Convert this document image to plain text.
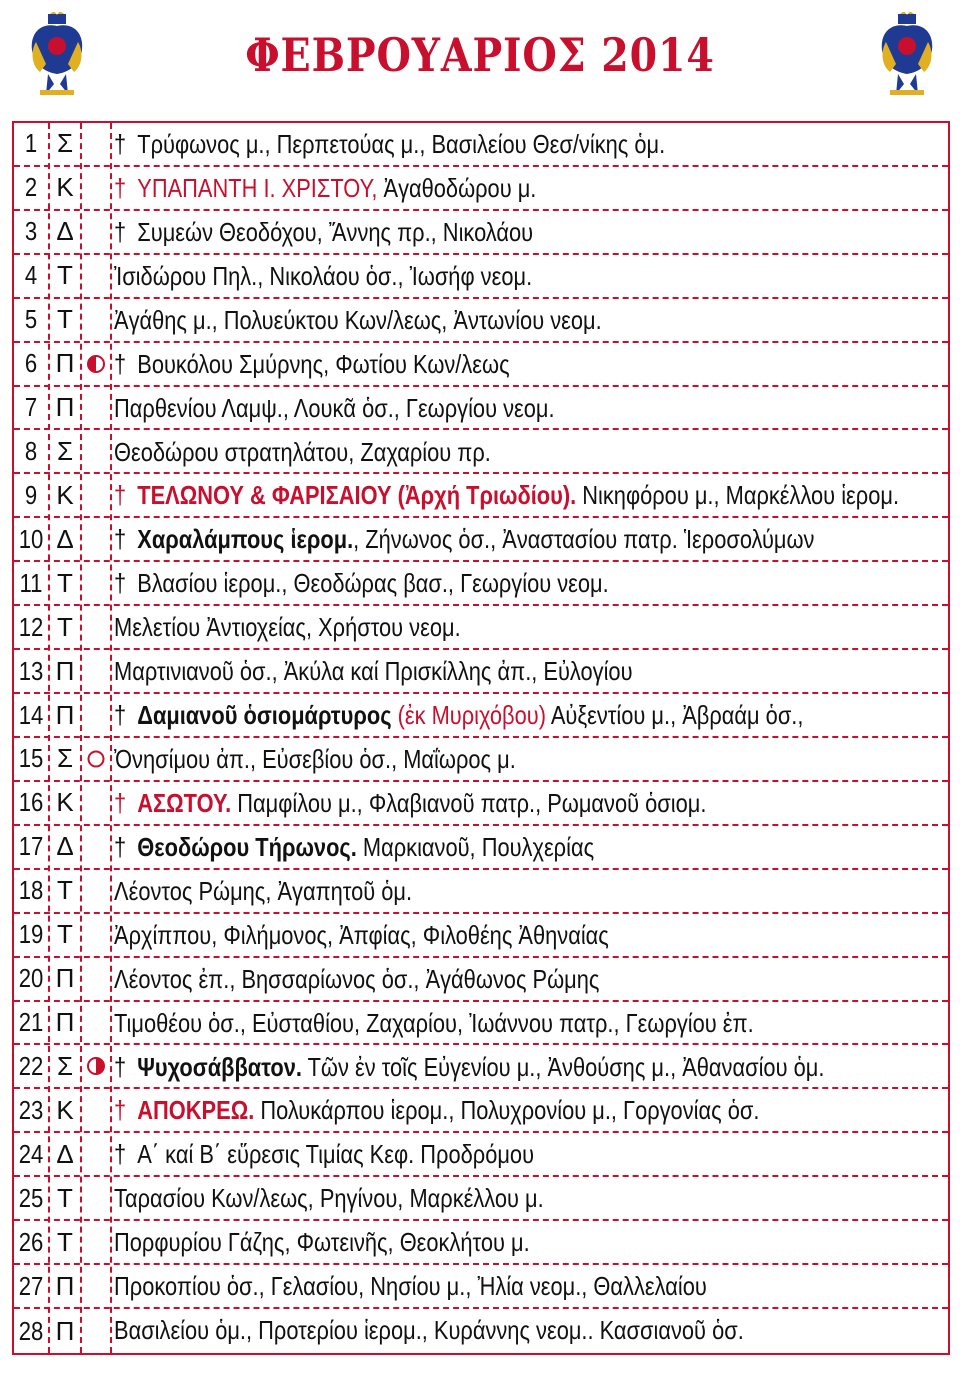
ΦΕΒΡΟΥΑΡΙΟΣ 2014
1 Σ † Τρύφωνος μ., Περπετούας μ., Βασιλείου Θεσ/νίκης ὁμ.
2 Κ † ΥΠΑΠΑΝΤΗ Ι. ΧΡΙΣΤΟΥ, Ἀγαθοδώρου μ.
3 Δ † Συμεών Θεοδόχου, Ἄννης πρ., Νικολάου
4 Τ Ἰσιδώρου Πηλ., Νικολάου ὁσ., Ἰωσήφ νεομ.
5 Τ Ἀγάθης μ., Πολυεύκτου Κων/λεως, Ἀντωνίου νεομ.
6 Π † Βουκόλου Σμύρνης, Φωτίου Κων/λεως
7 Π Παρθενίου Λαμψ., Λουκᾶ ὁσ., Γεωργίου νεομ.
8 Σ Θεοδώρου στρατηλάτου, Ζαχαρίου πρ.
9 Κ † ΤΕΛΩΝΟΥ & ΦΑΡΙΣΑΙΟΥ (Ἀρχή Τριωδίου). Νικηφόρου μ., Μαρκέλλου ἱερομ.
10 Δ † Χαραλάμπους ἱερομ., Ζήνωνος ὁσ., Ἀναστασίου πατρ. Ἱεροσολύμων
11 Τ † Βλασίου ἱερομ., Θεοδώρας βασ., Γεωργίου νεομ.
12 Τ Μελετίου Ἀντιοχείας, Χρήστου νεομ.
13 Π Μαρτινιανοῦ ὁσ., Ἀκύλα καί Πρισκίλλης ἀπ., Εὐλογίου
14 Π † Δαμιανοῦ ὁσιομάρτυρος (ἐκ Μυριχόβου) Αὐξεντίου μ., Ἀβραάμ ὁσ.,
15 Σ Ὀνησίμου ἀπ., Εὐσεβίου ὁσ., Μαΐωρος μ.
16 Κ † ΑΣΩΤΟΥ. Παμφίλου μ., Φλαβιανοῦ πατρ., Ρωμανοῦ ὁσιομ.
17 Δ † Θεοδώρου Τήρωνος. Μαρκιανοῦ, Πουλχερίας
18 Τ Λέοντος Ρώμης, Ἀγαπητοῦ ὁμ.
19 Τ Ἀρχίππου, Φιλήμονος, Ἀπφίας, Φιλοθέης Ἀθηναίας
20 Π Λέοντος ἐπ., Βησσαρίωνος ὁσ., Ἀγάθωνος Ρώμης
21 Π Τιμοθέου ὁσ., Εὐσταθίου, Ζαχαρίου, Ἰωάννου πατρ., Γεωργίου ἐπ.
22 Σ † Ψυχοσάββατον. Τῶν ἐν τοῖς Εὐγενίου μ., Ἀνθούσης μ., Ἀθανασίου ὁμ.
23 Κ † ΑΠΟΚΡΕΩ. Πολυκάρπου ἱερομ., Πολυχρονίου μ., Γοργονίας ὁσ.
24 Δ † Α΄ καί Β΄ εὕρεσις Τιμίας Κεφ. Προδρόμου
25 Τ Ταρασίου Κων/λεως, Ρηγίνου, Μαρκέλλου μ.
26 Τ Πορφυρίου Γάζης, Φωτεινῆς, Θεοκλήτου μ.
27 Π Προκοπίου ὁσ., Γελασίου, Νησίου μ., Ἠλία νεομ., Θαλλελαίου
28 Π Βασιλείου ὁμ., Προτερίου ἱερομ., Κυράννης νεομ.. Κασσιανοῦ ὁσ.
